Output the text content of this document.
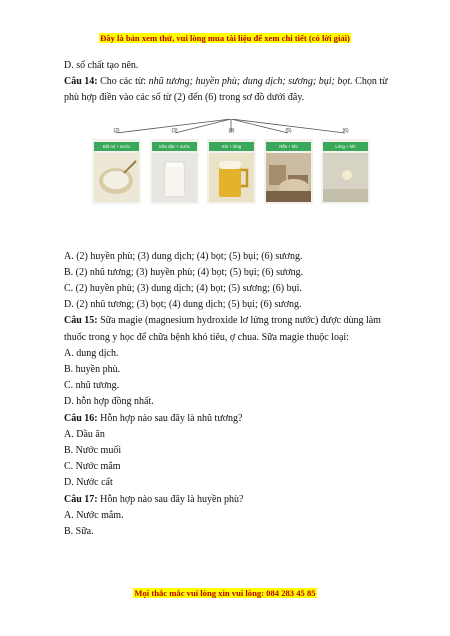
Đây là bản xem thử, vui lòng mua tài liệu để xem chi tiết (có lời giải)
D. số chất tạo nên.
Câu 14: Cho các từ: nhũ tương; huyền phù; dung dịch; sương; bụi; bọt. Chọn từ phù hợp điền vào các số từ (2) đến (6) trong sơ đồ dưới đây.
(2)	(3)	(4)	(5)	(6)
Bột mì + nước	Sữa đặc + nước	Khí + lỏng	Rắn + khí	Lỏng + khí
A. (2) huyền phù; (3) dung dịch; (4) bọt; (5) bụi; (6) sương.
B. (2) nhũ tương; (3) huyền phù; (4) bọt; (5) bụi; (6) sương.
C. (2) huyền phù; (3) dung dịch; (4) bọt; (5) sương; (6) bụi.
D. (2) nhũ tương; (3) bọt; (4) dung dịch; (5) bụi; (6) sương.
Câu 15: Sữa magie (magnesium hydroxide lơ lửng trong nước) được dùng làm thuốc trong y học để chữa bệnh khó tiêu, ợ chua. Sữa magie thuộc loại:
A. dung dịch.
B. huyền phù.
C. nhũ tương.
D. hỗn hợp đồng nhất.
Câu 16: Hỗn hợp nào sau đây là nhũ tương?
A. Dầu ăn
B. Nước muối
C. Nước mắm
D. Nước cất
Câu 17: Hỗn hợp nào sau đây là huyền phù?
A. Nước mắm.
B. Sữa.
Mọi thắc mắc vui lòng xin vui lòng: 084 283 45 85
